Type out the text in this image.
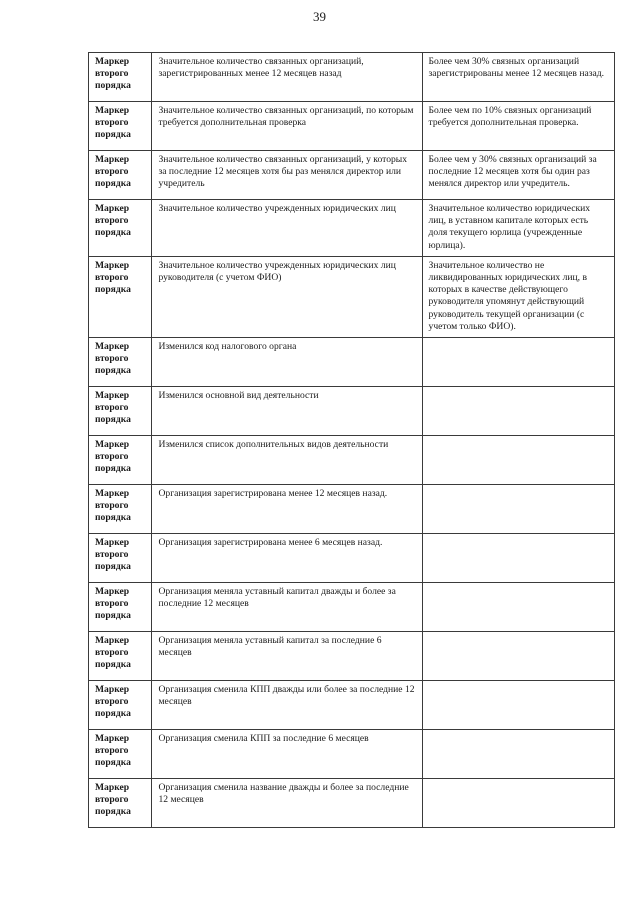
39
Маркер второго порядка	Значительное количество связанных организаций, зарегистрированных менее 12 месяцев назад	Более чем 30% связных организаций зарегистрированы менее 12 месяцев назад.
Маркер второго порядка	Значительное количество связанных организаций, по которым требуется дополнительная проверка	Более чем по 10% связных организаций требуется дополнительная проверка.
Маркер второго порядка	Значительное количество связанных организаций, у которых за последние 12 месяцев хотя бы раз менялся директор или учредитель	Более чем у 30% связных организаций за последние 12 месяцев хотя бы один раз менялся директор или учредитель.
Маркер второго порядка	Значительное количество учрежденных юридических лиц	Значительное количество юридических лиц, в уставном капитале которых есть доля текущего юрлица (учрежденные юрлица).
Маркер второго порядка	Значительное количество учрежденных юридических лиц руководителя (с учетом ФИО)	Значительное количество не ликвидированных юридических лиц, в которых в качестве действующего руководителя упомянут действующий руководитель текущей организации (с учетом только ФИО).
Маркер второго порядка	Изменился код налогового органа	
Маркер второго порядка	Изменился основной вид деятельности	
Маркер второго порядка	Изменился список дополнительных видов деятельности	
Маркер второго порядка	Организация зарегистрирована менее 12 месяцев назад.	
Маркер второго порядка	Организация зарегистрирована менее 6 месяцев назад.	
Маркер второго порядка	Организация меняла уставный капитал дважды и более за последние 12 месяцев	
Маркер второго порядка	Организация меняла уставный капитал за последние 6 месяцев	
Маркер второго порядка	Организация сменила КПП дважды или более за последние 12 месяцев	
Маркер второго порядка	Организация сменила КПП за последние 6 месяцев	
Маркер второго порядка	Организация сменила название дважды и более за последние 12 месяцев	
